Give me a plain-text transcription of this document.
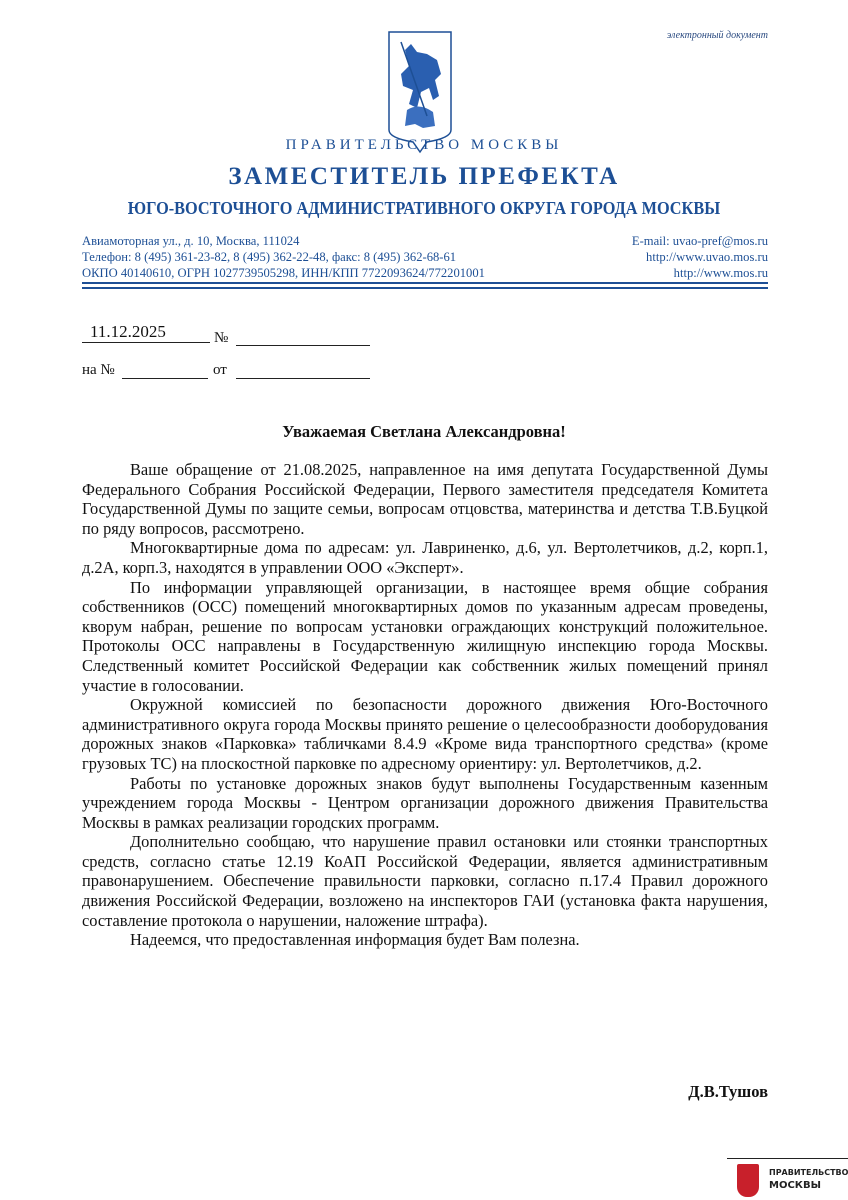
электронный документ
ПРАВИТЕЛЬСТВО МОСКВЫ
ЗАМЕСТИТЕЛЬ ПРЕФЕКТА
ЮГО-ВОСТОЧНОГО АДМИНИСТРАТИВНОГО ОКРУГА ГОРОДА МОСКВЫ
Авиамоторная ул., д. 10, Москва, 111024
Телефон: 8 (495) 361-23-82, 8 (495) 362-22-48, факс: 8 (495) 362-68-61
ОКПО 40140610, ОГРН 1027739505298, ИНН/КПП 7722093624/772201001
E-mail: uvao-pref@mos.ru
http://www.uvao.mos.ru
http://www.mos.ru
11.12.2025	№
на №	от
Уважаемая Светлана Александровна!

Ваше обращение от 21.08.2025, направленное на имя депутата Государственной Думы Федерального Собрания Российской Федерации, Первого заместителя председателя Комитета Государственной Думы по защите семьи, вопросам отцовства, материнства и детства Т.В.Буцкой по ряду вопросов, рассмотрено.

Многоквартирные дома по адресам: ул. Лавриненко, д.6, ул. Вертолетчиков, д.2, корп.1, д.2А, корп.3, находятся в управлении ООО «Эксперт».

По информации управляющей организации, в настоящее время общие собрания собственников (ОСС) помещений многоквартирных домов по указанным адресам проведены, кворум набран, решение по вопросам установки ограждающих конструкций положительное. Протоколы ОСС направлены в Государственную жилищную инспекцию города Москвы. Следственный комитет Российской Федерации как собственник жилых помещений принял участие в голосовании.

Окружной комиссией по безопасности дорожного движения Юго-Восточного административного округа города Москвы принято решение о целесообразности дооборудования дорожных знаков «Парковка» табличками 8.4.9 «Кроме вида транспортного средства» (кроме грузовых ТС) на плоскостной парковке по адресному ориентиру: ул. Вертолетчиков, д.2.

Работы по установке дорожных знаков будут выполнены Государственным казенным учреждением города Москвы - Центром организации дорожного движения Правительства Москвы в рамках реализации городских программ.

Дополнительно сообщаю, что нарушение правил остановки или стоянки транспортных средств, согласно статье 12.19 КоАП Российской Федерации, является административным правонарушением. Обеспечение правильности парковки, согласно п.17.4 Правил дорожного движения Российской Федерации, возложено на инспекторов ГАИ (установка факта нарушения, составление протокола о нарушении, наложение штрафа).

Надеемся, что предоставленная информация будет Вам полезна.

Д.В.Тушов
ПРАВИТЕЛЬСТВО
МОСКВЫ
